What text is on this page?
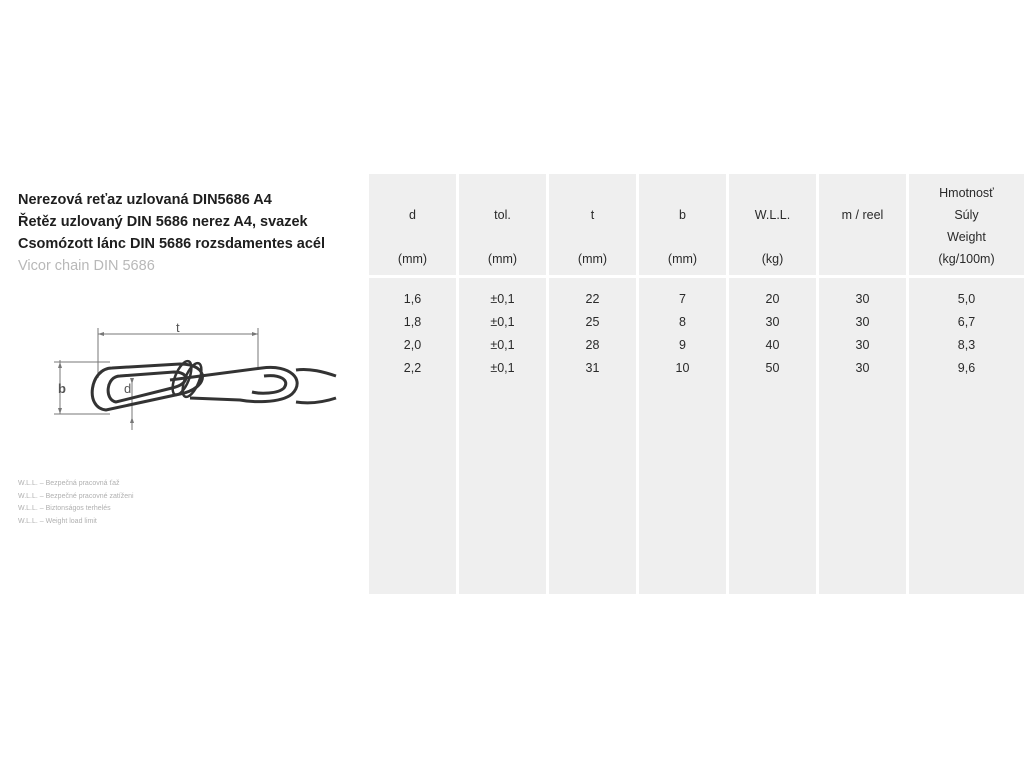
Nerezová reťaz uzlovaná DIN5686 A4
Řetěz uzlovaný DIN 5686 nerez A4, svazek
Csomózott lánc DIN 5686 rozsdamentes acél
Vicor chain DIN 5686
t
b	d
W.L.L. – Bezpečná pracovná ťaž
W.L.L. – Bezpečné pracovné zatíženi
W.L.L. – Biztonságos terhelés
W.L.L. – Weight load limit
d
(mm)
1,6
1,8
2,0
2,2
tol.
(mm)
±0,1
±0,1
±0,1
±0,1
t
(mm)
22
25
28
31
b
(mm)
7
8
9
10
W.L.L.
(kg)
20
30
40
50
m / reel
30
30
30
30
Hmotnosť
Súly
Weight
(kg/100m)
5,0
6,7
8,3
9,6
